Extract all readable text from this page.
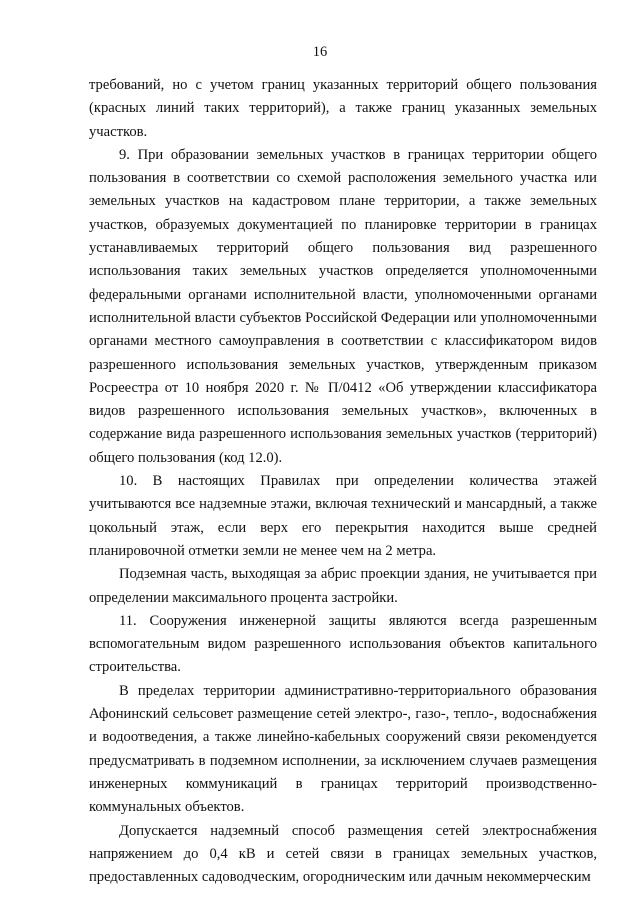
16

требований, но с учетом границ указанных территорий общего пользования (красных линий таких территорий), а также границ указанных земельных участков.

9. При образовании земельных участков в границах территории общего пользования в соответствии со схемой расположения земельного участка или земельных участков на кадастровом плане территории, а также земельных участков, образуемых документацией по планировке территории в границах устанавливаемых территорий общего пользования вид разрешенного использования таких земельных участков определяется уполномоченными федеральными органами исполнительной власти, уполномоченными органами исполнительной власти субъектов Российской Федерации или уполномоченными органами местного самоуправления в соответствии с классификатором видов разрешенного использования земельных участков, утвержденным приказом Росреестра от 10 ноября 2020 г. № П/0412 «Об утверждении классификатора видов разрешенного использования земельных участков», включенных в содержание вида разрешенного использования земельных участков (территорий) общего пользования (код 12.0).

10. В настоящих Правилах при определении количества этажей учитываются все надземные этажи, включая технический и мансардный, а также цокольный этаж, если верх его перекрытия находится выше средней планировочной отметки земли не менее чем на 2 метра.

Подземная часть, выходящая за абрис проекции здания, не учитывается при определении максимального процента застройки.

11. Сооружения инженерной защиты являются всегда разрешенным вспомогательным видом разрешенного использования объектов капитального строительства.

В пределах территории административно-территориального образования Афонинский сельсовет размещение сетей электро-, газо-, тепло-, водоснабжения и водоотведения, а также линейно-кабельных сооружений связи рекомендуется предусматривать в подземном исполнении, за исключением случаев размещения инженерных коммуникаций в границах территорий производственно-коммунальных объектов.

Допускается надземный способ размещения сетей электроснабжения напряжением до 0,4 кВ и сетей связи в границах земельных участков, предоставленных садоводческим, огородническим или дачным некоммерческим
